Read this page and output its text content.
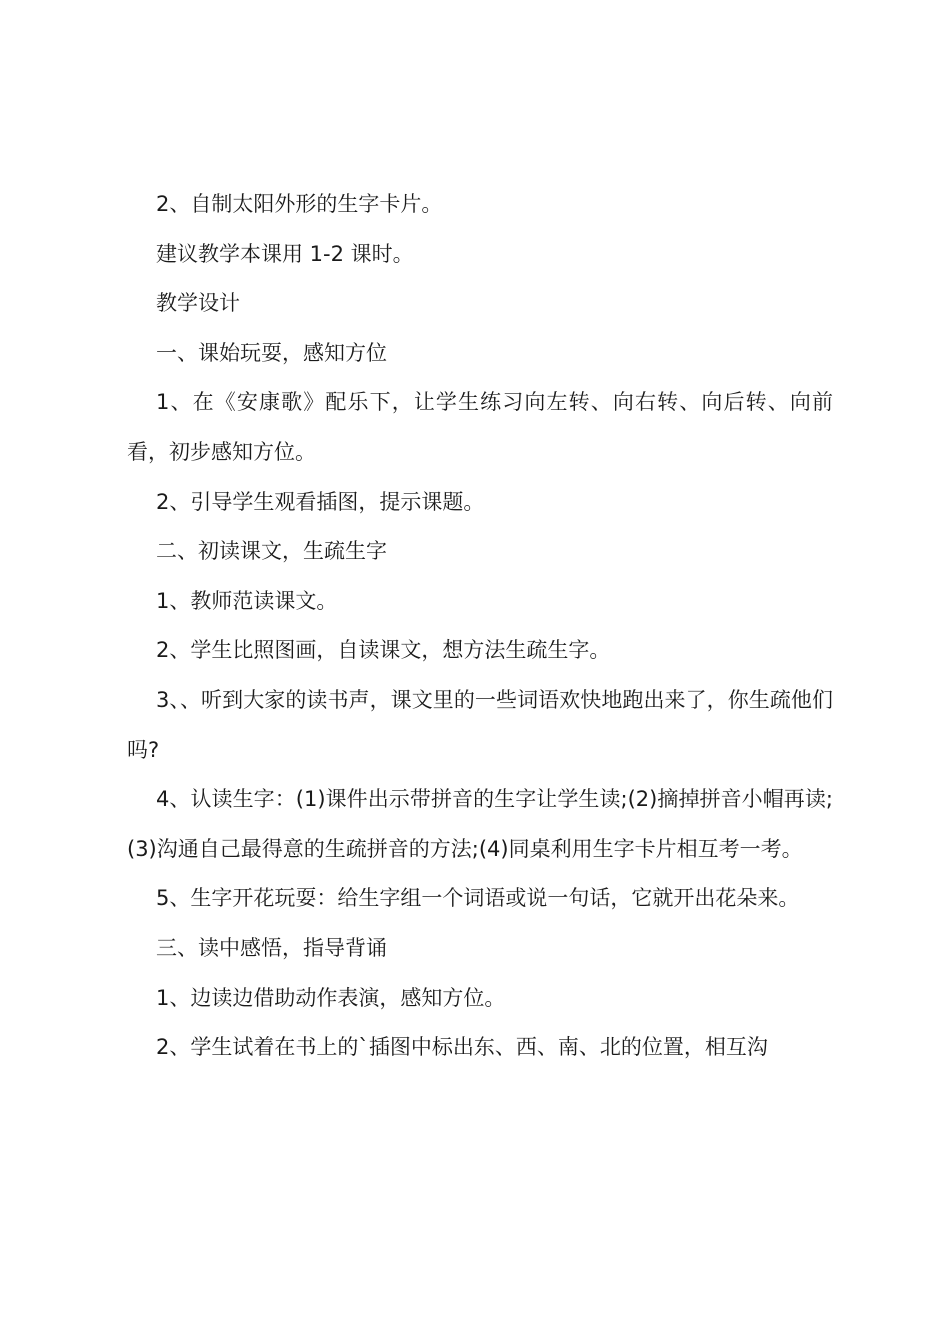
2、自制太阳外形的生字卡片。

建议教学本课用 1-2 课时。

教学设计

一、课始玩耍，感知方位

1、在《安康歌》配乐下，让学生练习向左转、向右转、向后转、向前看，初步感知方位。

2、引导学生观看插图，提示课题。

二、初读课文，生疏生字

1、教师范读课文。

2、学生比照图画，自读课文，想方法生疏生字。

3、、听到大家的读书声，课文里的一些词语欢快地跑出来了，你生疏他们吗?

4、认读生字：(1)课件出示带拼音的生字让学生读;(2)摘掉拼音小帽再读;(3)沟通自己最得意的生疏拼音的方法;(4)同桌利用生字卡片相互考一考。

5、生字开花玩耍：给生字组一个词语或说一句话，它就开出花朵来。

三、读中感悟，指导背诵

1、边读边借助动作表演，感知方位。

2、学生试着在书上的`插图中标出东、西、南、北的位置，相互沟
